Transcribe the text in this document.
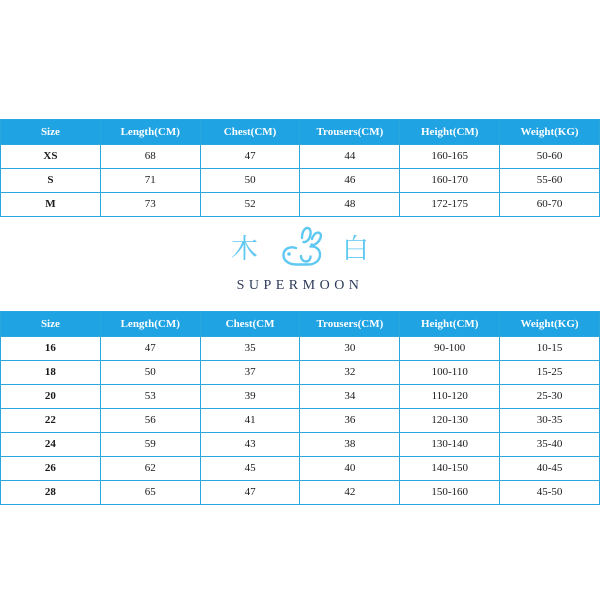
Size	Length(CM)	Chest(CM)	Trousers(CM)	Height(CM)	Weight(KG)
XS	68	47	44	160-165	50-60
S	71	50	46	160-170	55-60
M	73	52	48	172-175	60-70
木	白
SUPERMOON
Size	Length(CM)	Chest(CM	Trousers(CM)	Height(CM)	Weight(KG)
16	47	35	30	90-100	10-15
18	50	37	32	100-110	15-25
20	53	39	34	110-120	25-30
22	56	41	36	120-130	30-35
24	59	43	38	130-140	35-40
26	62	45	40	140-150	40-45
28	65	47	42	150-160	45-50
